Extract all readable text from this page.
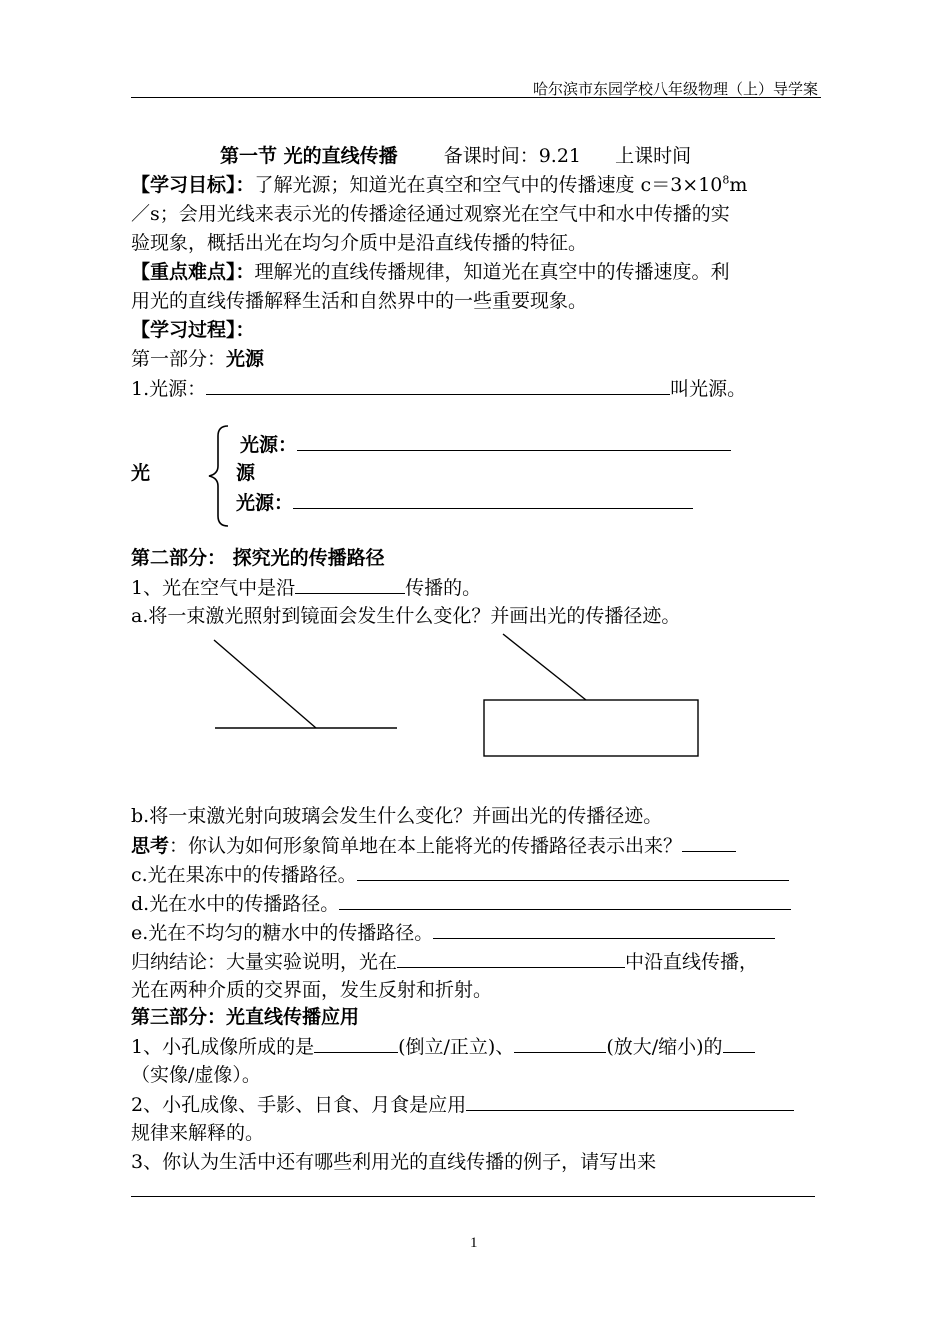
哈尔滨市东园学校八年级物理（上）导学案
第一节 光的直线传播 备课时间：9.21 上课时间
【学习目标】：了解光源；知道光在真空和空气中的传播速度 $c=3\times 10^8m$
／s；会用光线来表示光的传播途径通过观察光在空气中和水中传播的实
验现象，概括出光在均匀介质中是沿直线传播的特征。
【重点难点】：理解光的直线传播规律，知道光在真空中的传播速度。利
用光的直线传播解释生活和自然界中的一些重要现象。
【学习过程】：
第一部分：光源
1.光源：	叫光源。
光
光源：
源
光源：
第二部分： 探究光的传播路径
1、光在空气中是沿	传播的。
a.将一束激光照射到镜面会发生什么变化？并画出光的传播径迹。
b.将一束激光射向玻璃会发生什么变化？并画出光的传播径迹。
思考：你认为如何形象简单地在本上能将光的传播路径表示出来？
c.光在果冻中的传播路径。
d.光在水中的传播路径。
e.光在不均匀的糖水中的传播路径。
归纳结论：大量实验说明，光在	中沿直线传播，
光在两种介质的交界面，发生反射和折射。
第三部分：光直线传播应用
1、小孔成像所成的是	(倒立/正立)、	(放大/缩小)的
（实像/虚像）。
2、小孔成像、手影、日食、月食是应用
规律来解释的。
3、你认为生活中还有哪些利用光的直线传播的例子，请写出来
1
